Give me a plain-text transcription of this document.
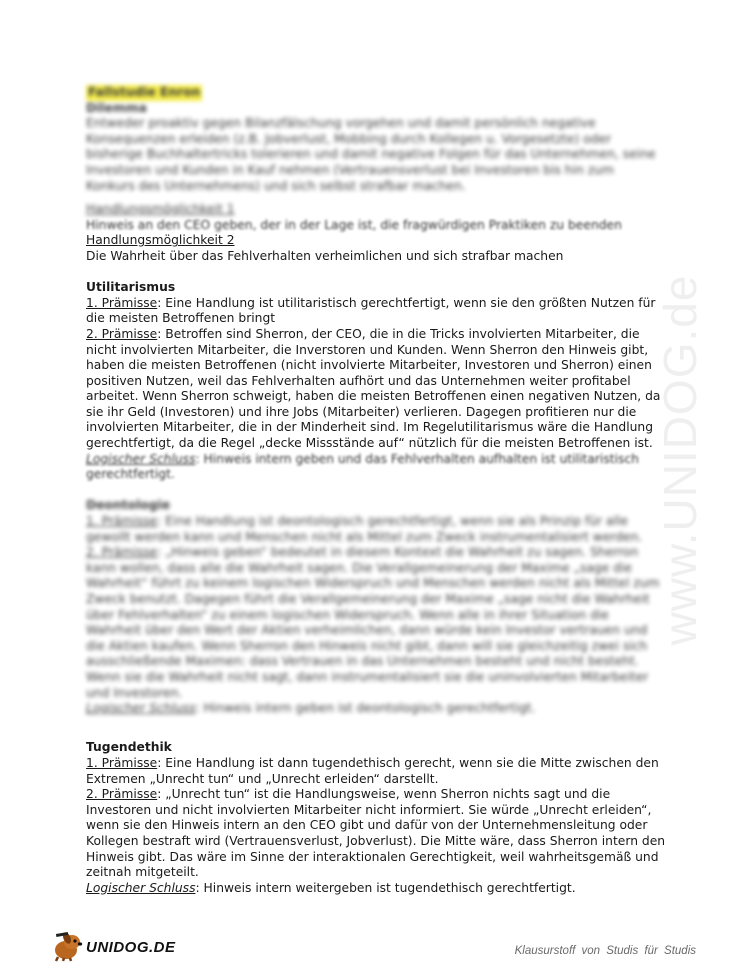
www.UNIDOG.de

Fallstudie Enron

Dilemma

Entweder proaktiv gegen Bilanzfälschung vorgehen und damit persönlich negative Konsequenzen erleiden (z.B. Jobverlust, Mobbing durch Kollegen u. Vorgesetzte) oder bisherige Buchhaltertricks tolerieren und damit negative Folgen für das Unternehmen, seine Investoren und Kunden in Kauf nehmen (Vertrauensverlust bei Investoren bis hin zum Konkurs des Unternehmens) und sich selbst strafbar machen.

Handlungsmöglichkeit 1

Hinweis an den CEO geben, der in der Lage ist, die fragwürdigen Praktiken zu beenden

Handlungsmöglichkeit 2

Die Wahrheit über das Fehlverhalten verheimlichen und sich strafbar machen

Utilitarismus

1. Prämisse: Eine Handlung ist utilitaristisch gerechtfertigt, wenn sie den größten Nutzen für die meisten Betroffenen bringt

2. Prämisse: Betroffen sind Sherron, der CEO, die in die Tricks involvierten Mitarbeiter, die nicht involvierten Mitarbeiter, die Inverstoren und Kunden. Wenn Sherron den Hinweis gibt, haben die meisten Betroffenen (nicht involvierte Mitarbeiter, Investoren und Sherron) einen positiven Nutzen, weil das Fehlverhalten aufhört und das Unternehmen weiter profitabel arbeitet. Wenn Sherron schweigt, haben die meisten Betroffenen einen negativen Nutzen, da sie ihr Geld (Investoren) und ihre Jobs (Mitarbeiter) verlieren. Dagegen profitieren nur die involvierten Mitarbeiter, die in der Minderheit sind. Im Regelutilitarismus wäre die Handlung gerechtfertigt, da die Regel „decke Missstände auf“ nützlich für die meisten Betroffenen ist.

Logischer Schluss: Hinweis intern geben und das Fehlverhalten aufhalten ist utilitaristisch gerechtfertigt.

Deontologie

1. Prämisse: Eine Handlung ist deontologisch gerechtfertigt, wenn sie als Prinzip für alle gewollt werden kann und Menschen nicht als Mittel zum Zweck instrumentalisiert werden.

2. Prämisse: „Hinweis geben“ bedeutet in diesem Kontext die Wahrheit zu sagen. Sherron kann wollen, dass alle die Wahrheit sagen. Die Verallgemeinerung der Maxime „sage die Wahrheit“ führt zu keinem logischen Widerspruch und Menschen werden nicht als Mittel zum Zweck benutzt. Dagegen führt die Verallgemeinerung der Maxime „sage nicht die Wahrheit über Fehlverhalten“ zu einem logischen Widerspruch. Wenn alle in ihrer Situation die Wahrheit über den Wert der Aktien verheimlichen, dann würde kein Investor vertrauen und die Aktien kaufen. Wenn Sherron den Hinweis nicht gibt, dann will sie gleichzeitig zwei sich ausschließende Maximen: dass Vertrauen in das Unternehmen besteht und nicht besteht. Wenn sie die Wahrheit nicht sagt, dann instrumentalisiert sie die uninvolvierten Mitarbeiter und Investoren.

Logischer Schluss: Hinweis intern geben ist deontologisch gerechtfertigt.

Tugendethik

1. Prämisse: Eine Handlung ist dann tugendethisch gerecht, wenn sie die Mitte zwischen den Extremen „Unrecht tun“ und „Unrecht erleiden“ darstellt.

2. Prämisse: „Unrecht tun“ ist die Handlungsweise, wenn Sherron nichts sagt und die Investoren und nicht involvierten Mitarbeiter nicht informiert. Sie würde „Unrecht erleiden“, wenn sie den Hinweis intern an den CEO gibt und dafür von der Unternehmensleitung oder Kollegen bestraft wird (Vertrauensverlust, Jobverlust). Die Mitte wäre, dass Sherron intern den Hinweis gibt. Das wäre im Sinne der interaktionalen Gerechtigkeit, weil wahrheitsgemäß und zeitnah mitgeteilt.

Logischer Schluss: Hinweis intern weitergeben ist tugendethisch gerechtfertigt.

UNIDOG.DE	Klausurstoff von Studis für Studis
